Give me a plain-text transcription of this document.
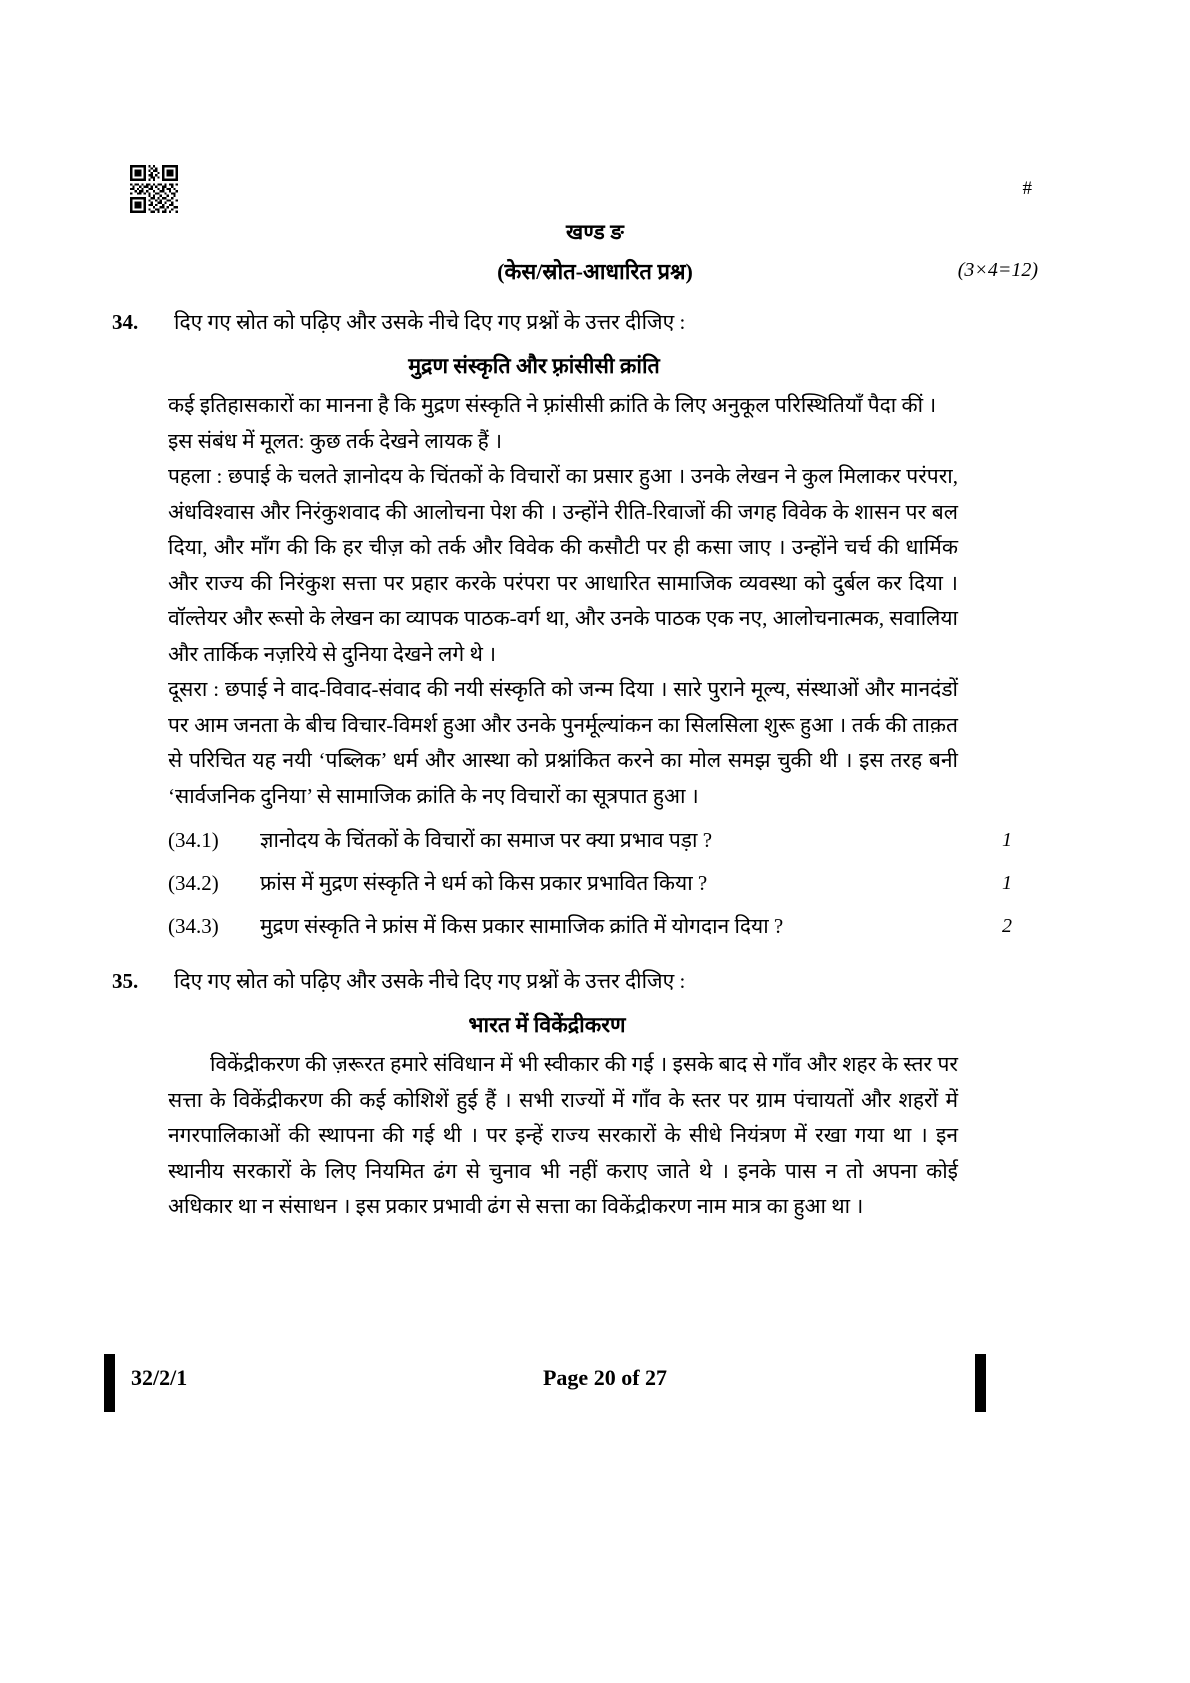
#
खण्ड ङ
(केस/स्रोत-आधारित प्रश्न)	(3×4=12)
34.	दिए गए स्रोत को पढ़िए और उसके नीचे दिए गए प्रश्नों के उत्तर दीजिए :
मुद्रण संस्कृति और फ़्रांसीसी क्रांति

कई इतिहासकारों का मानना है कि मुद्रण संस्कृति ने फ़्रांसीसी क्रांति के लिए अनुकूल परिस्थितियाँ पैदा कीं ।

इस संबंध में मूलत: कुछ तर्क देखने लायक हैं ।

पहला : छपाई के चलते ज्ञानोदय के चिंतकों के विचारों का प्रसार हुआ । उनके लेखन ने कुल मिलाकर परंपरा, अंधविश्वास और निरंकुशवाद की आलोचना पेश की । उन्होंने रीति-रिवाजों की जगह विवेक के शासन पर बल दिया, और माँग की कि हर चीज़ को तर्क और विवेक की कसौटी पर ही कसा जाए । उन्होंने चर्च की धार्मिक और राज्य की निरंकुश सत्ता पर प्रहार करके परंपरा पर आधारित सामाजिक व्यवस्था को दुर्बल कर दिया । वॉल्तेयर और रूसो के लेखन का व्यापक पाठक-वर्ग था, और उनके पाठक एक नए, आलोचनात्मक, सवालिया और तार्किक नज़रिये से दुनिया देखने लगे थे ।

दूसरा : छपाई ने वाद-विवाद-संवाद की नयी संस्कृति को जन्म दिया । सारे पुराने मूल्य, संस्थाओं और मानदंडों पर आम जनता के बीच विचार-विमर्श हुआ और उनके पुनर्मूल्यांकन का सिलसिला शुरू हुआ । तर्क की ताक़त से परिचित यह नयी ‘पब्लिक’ धर्म और आस्था को प्रश्नांकित करने का मोल समझ चुकी थी । इस तरह बनी ‘सार्वजनिक दुनिया’ से सामाजिक क्रांति के नए विचारों का सूत्रपात हुआ ।

(34.1)	ज्ञानोदय के चिंतकों के विचारों का समाज पर क्या प्रभाव पड़ा ?	1
(34.2)	फ्रांस में मुद्रण संस्कृति ने धर्म को किस प्रकार प्रभावित किया ?	1
(34.3)	मुद्रण संस्कृति ने फ्रांस में किस प्रकार सामाजिक क्रांति में योगदान दिया ?	2
35.	दिए गए स्रोत को पढ़िए और उसके नीचे दिए गए प्रश्नों के उत्तर दीजिए :
भारत में विकेंद्रीकरण

विकेंद्रीकरण की ज़रूरत हमारे संविधान में भी स्वीकार की गई । इसके बाद से गाँव और शहर के स्तर पर सत्ता के विकेंद्रीकरण की कई कोशिशें हुई हैं । सभी राज्यों में गाँव के स्तर पर ग्राम पंचायतों और शहरों में नगरपालिकाओं की स्थापना की गई थी । पर इन्हें राज्य सरकारों के सीधे नियंत्रण में रखा गया था । इन स्थानीय सरकारों के लिए नियमित ढंग से चुनाव भी नहीं कराए जाते थे । इनके पास न तो अपना कोई अधिकार था न संसाधन । इस प्रकार प्रभावी ढंग से सत्ता का विकेंद्रीकरण नाम मात्र का हुआ था ।

32/2/1	Page 20 of 27
